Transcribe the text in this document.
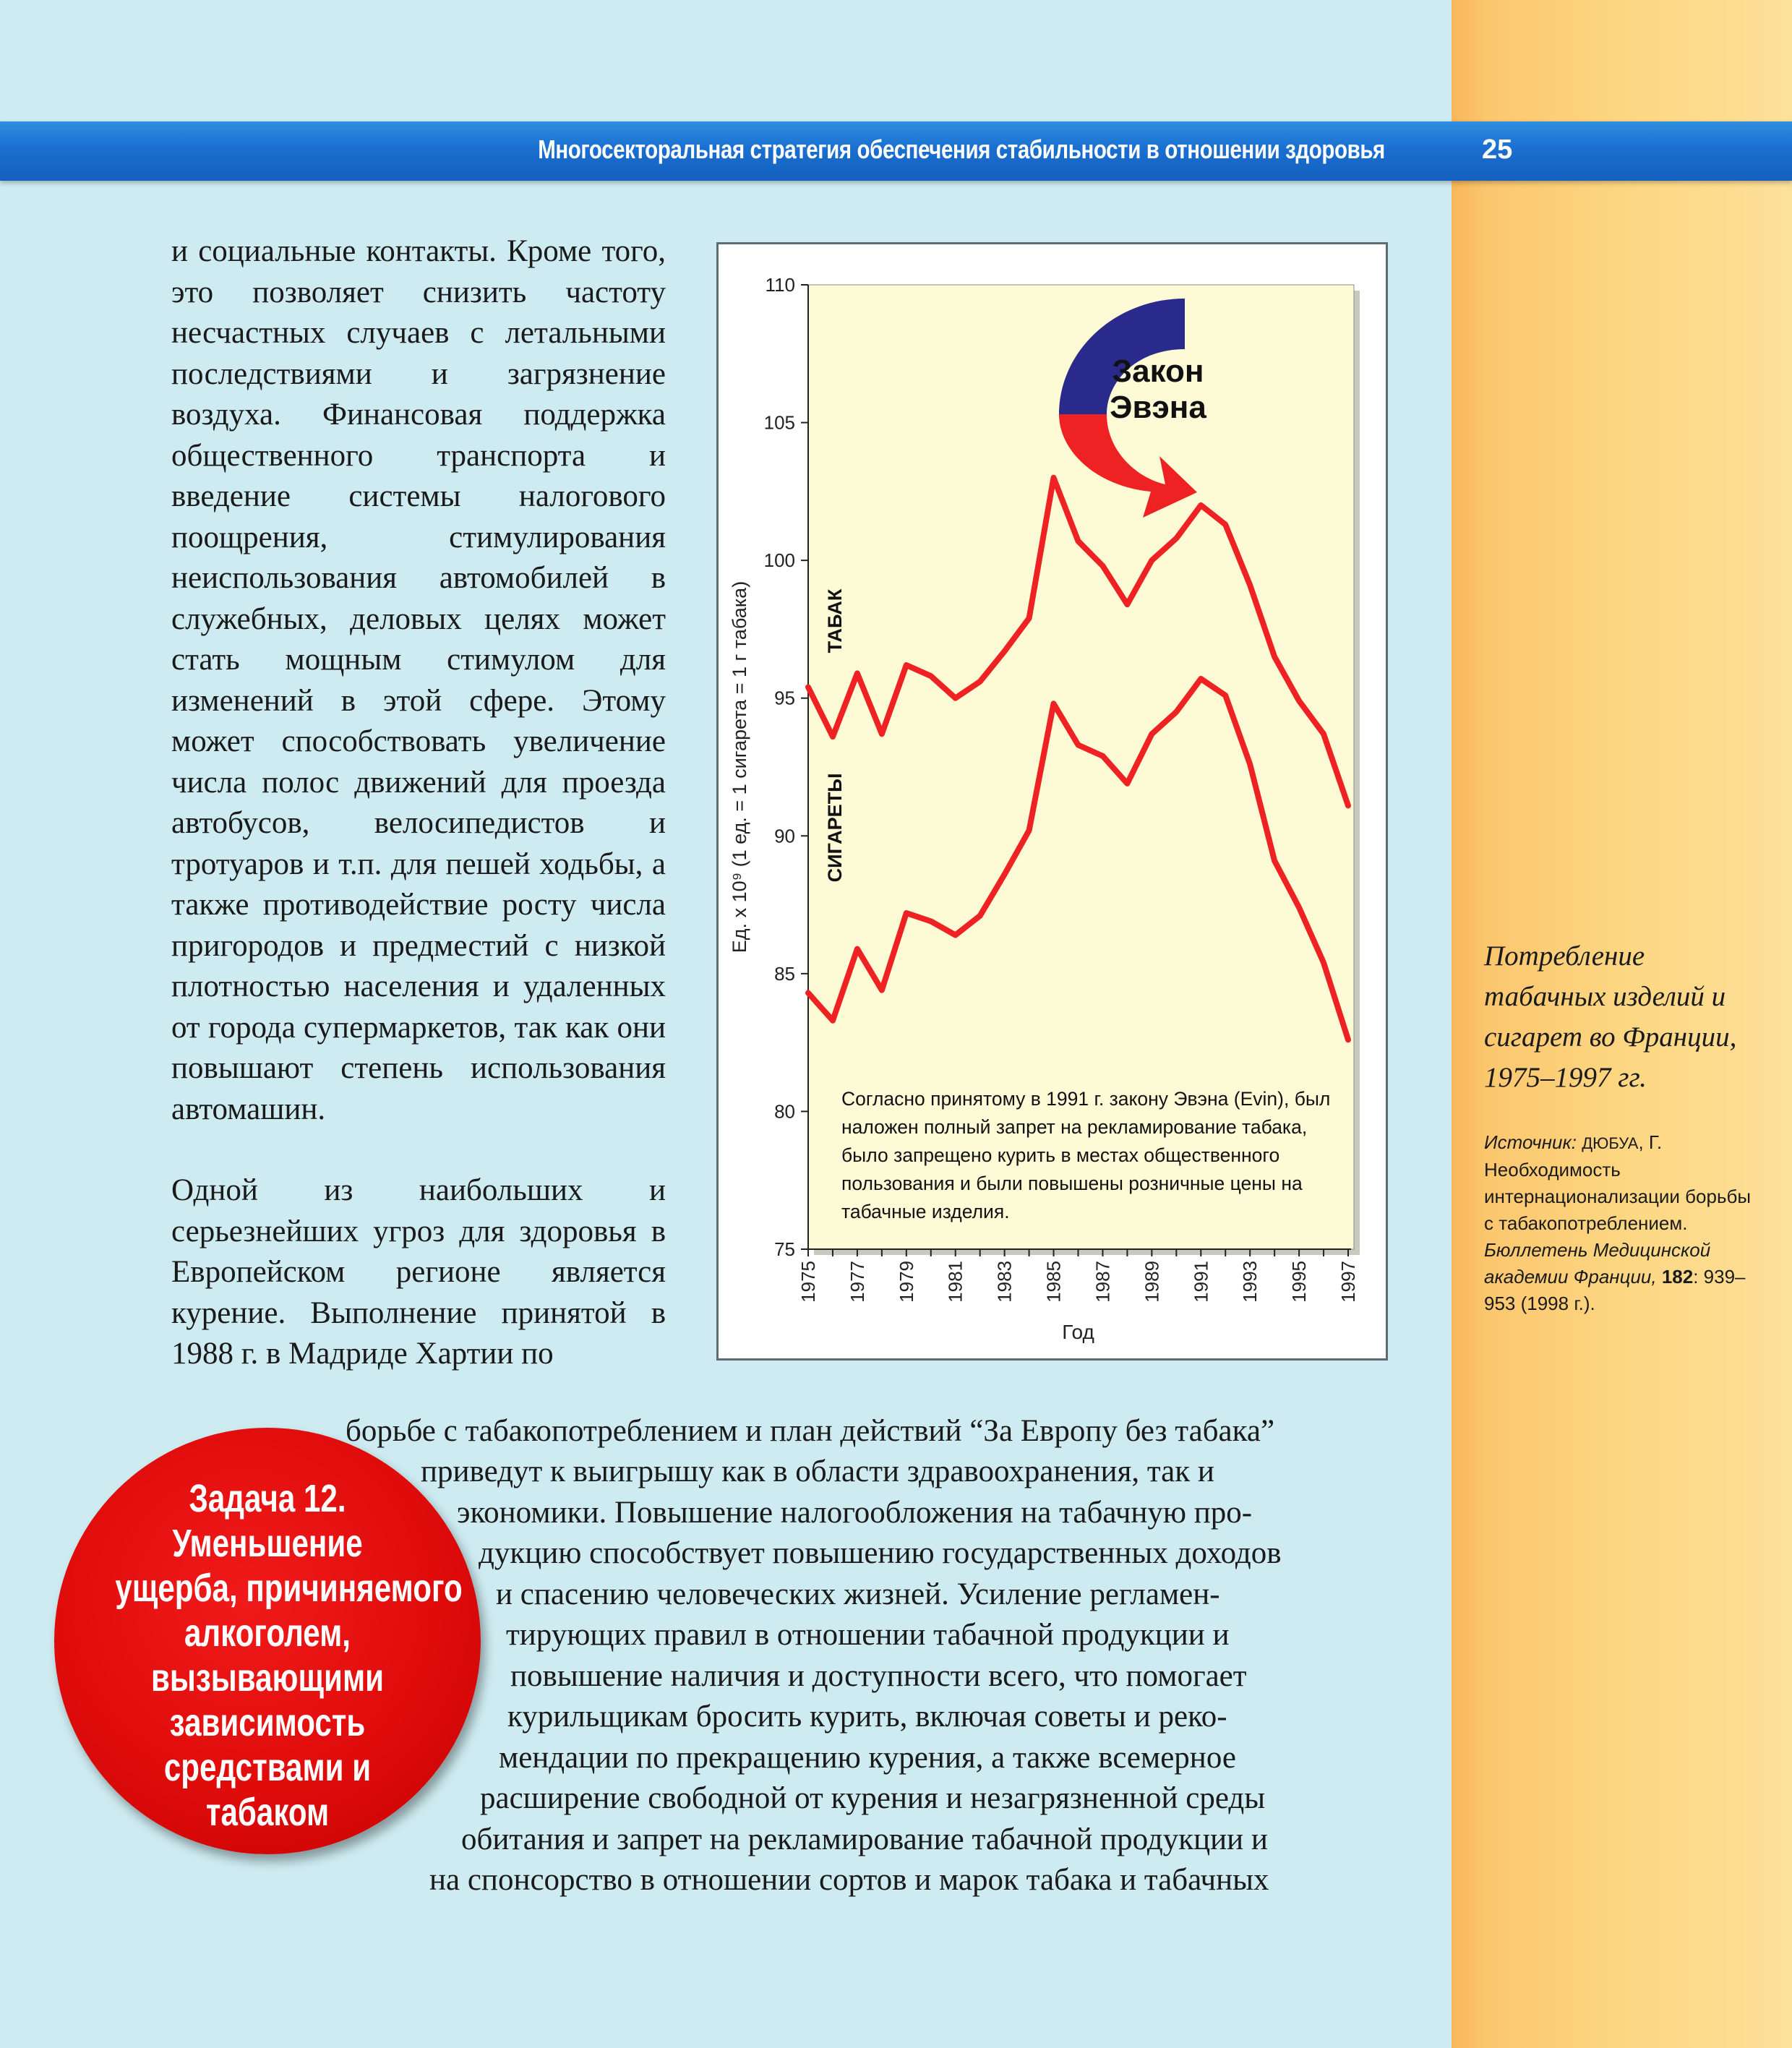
Многосекторальная стратегия обеспечения стабильности в отношении здоровья	25

и социальные контакты. Кроме того, это позволяет снизить частоту несчастных случаев с летальными последствиями и загрязнение воздуха. Финансовая поддержка общественного транспорта и введение системы налогового поощрения, стимулирования неиспользования автомобилей в служебных, деловых целях может стать мощным стимулом для изменений в этой сфере. Этому может способствовать увеличение числа полос движений для проезда автобусов, велосипедистов и тротуаров и т.п. для пешей ходьбы, а также противодействие росту числа пригородов и предместий с низкой плотностью населения и удаленных от города супермаркетов, так как они повышают степень использования автомашин.

Одной из наибольших и серьезнейших угроз для здоровья в Европейском регионе является курение. Выполнение принятой в 1988 г. в Мадриде Хартии по

борьбе с табакопотреблением и план действий “За Европу без табака”

приведут к выигрышу как в области здравоохранения, так и

экономики. Повышение налогообложения на табачную про-

дукцию способствует повышению государственных доходов

и спасению человеческих жизней. Усиление регламен-

тирующих правил в отношении табачной продукции и

повышение наличия и доступности всего, что помогает

курильщикам бросить курить, включая советы и реко-

мендации по прекращению курения, а также всемерное

расширение свободной от курения и незагрязненной среды

обитания и запрет на рекламирование табачной продукции и

на спонсорство в отношении сортов и марок табака и табачных

75
80
85
90
95
100
105
110
1975 1977 1979 1981 1983 1985 1987 1989 1991 1993 1995 1997
Ед. x 10⁹ (1 ед. = 1 сигарета = 1 г табака)
Год
ТАБАК
СИГАРЕТЫ
Закон
Эвэна
Согласно принятому в 1991 г. закону Эвэна (Evin), был
наложен полный запрет на рекламирование табака,
было запрещено курить в местах общественного
пользования и были повышены розничные цены на
табачные изделия.
Потребление табачных изделий и сигарет во Франции, 1975–1997 гг.
Источник: ДЮБУА, Г. Необходимость интернационализации борьбы с табакопотреблением. Бюллетень Медицинской академии Франции, 182: 939–953 (1998 г.).
Задача 12.
Уменьшение
ущерба, причиняемого
алкоголем,
вызывающими
зависимость
средствами и
табаком
